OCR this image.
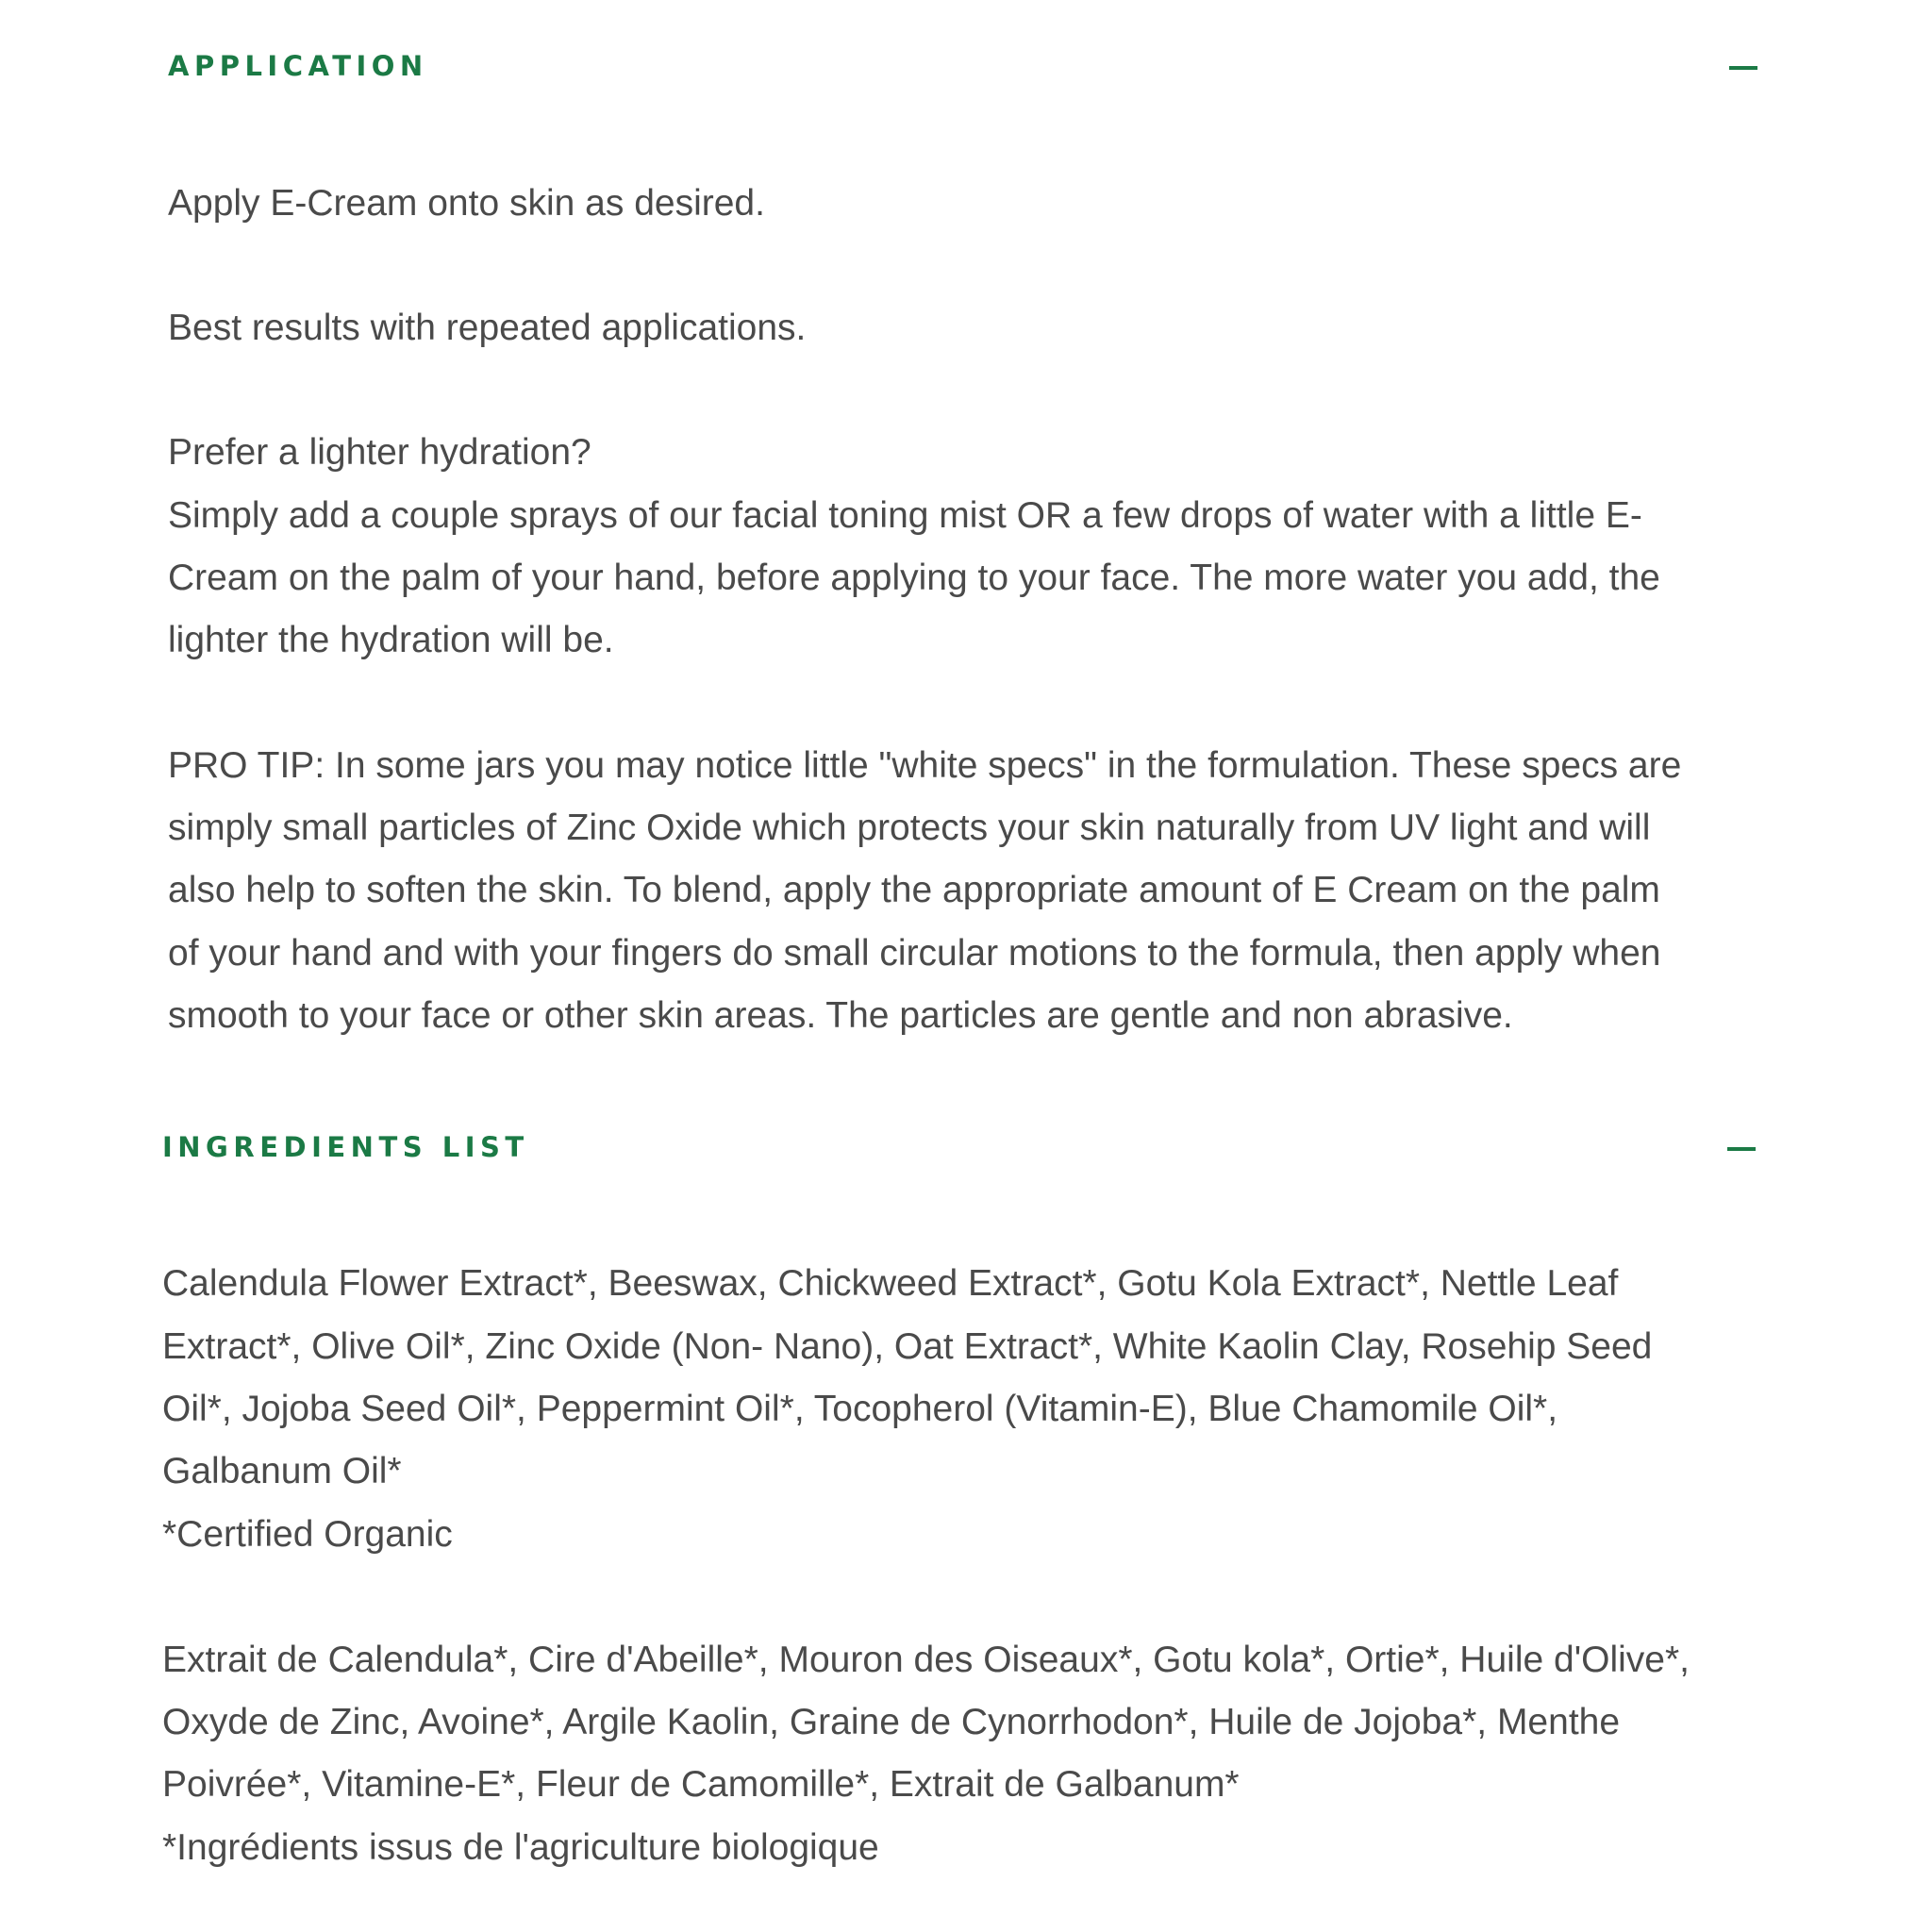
APPLICATION

Apply E-Cream onto skin as desired.

Best results with repeated applications.

Prefer a lighter hydration?

Simply add a couple sprays of our facial toning mist OR a few drops of water with a little E-

Cream on the palm of your hand, before applying to your face. The more water you add, the

lighter the hydration will be.

PRO TIP: In some jars you may notice little "white specs" in the formulation. These specs are

simply small particles of Zinc Oxide which protects your skin naturally from UV light and will

also help to soften the skin. To blend, apply the appropriate amount of E Cream on the palm

of your hand and with your fingers do small circular motions to the formula, then apply when

smooth to your face or other skin areas. The particles are gentle and non abrasive.

INGREDIENTS LIST

Calendula Flower Extract*, Beeswax, Chickweed Extract*, Gotu Kola Extract*, Nettle Leaf

Extract*, Olive Oil*, Zinc Oxide (Non- Nano), Oat Extract*, White Kaolin Clay, Rosehip Seed

Oil*, Jojoba Seed Oil*, Peppermint Oil*, Tocopherol (Vitamin-E), Blue Chamomile Oil*,

Galbanum Oil*

*Certified Organic

Extrait de Calendula*, Cire d'Abeille*, Mouron des Oiseaux*, Gotu kola*, Ortie*, Huile d'Olive*,

Oxyde de Zinc, Avoine*, Argile Kaolin, Graine de Cynorrhodon*, Huile de Jojoba*, Menthe

Poivrée*, Vitamine-E*, Fleur de Camomille*, Extrait de Galbanum*

*Ingrédients issus de l'agriculture biologique
